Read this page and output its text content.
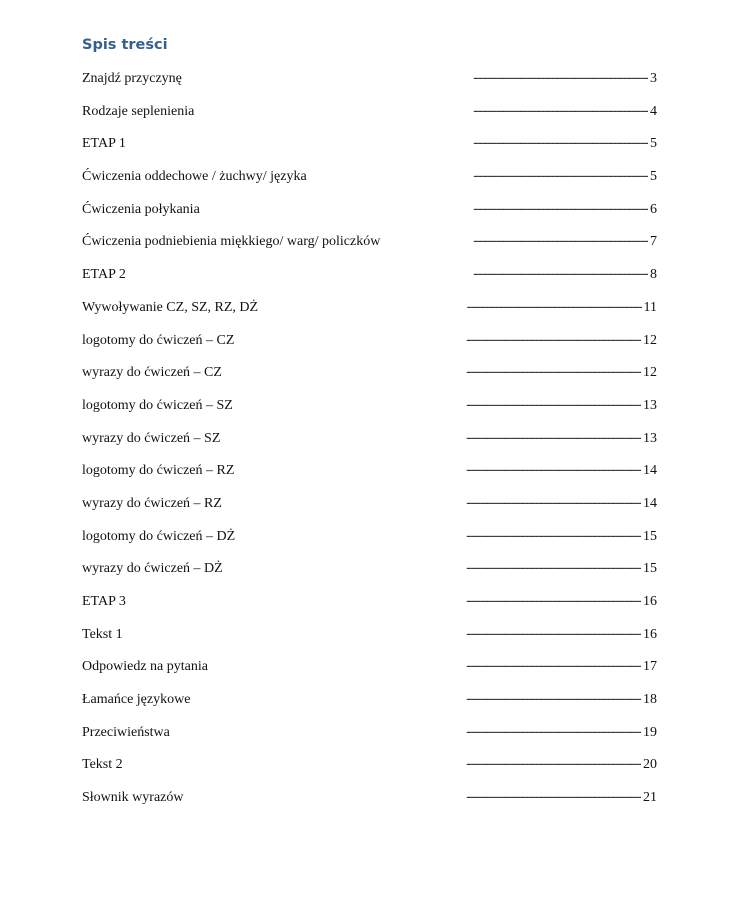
Spis treści
Znajdź przyczynę . . .	3
Rodzaje seplenienia . . .	4
ETAP 1 . . .	5
Ćwiczenia oddechowe / żuchwy/ języka . . .	5
Ćwiczenia połykania . . .	6
Ćwiczenia podniebienia miękkiego/ warg/ policzków . . .	7
ETAP 2 . . .	8
Wywoływanie CZ, SZ, RZ, DŻ . . .	11
logotomy do ćwiczeń – CZ . . .	12
wyrazy do ćwiczeń – CZ . . .	12
logotomy do ćwiczeń – SZ . . .	13
wyrazy do ćwiczeń – SZ . . .	13
logotomy do ćwiczeń – RZ . . .	14
wyrazy do ćwiczeń – RZ . . .	14
logotomy do ćwiczeń – DŻ . . .	15
wyrazy do ćwiczeń – DŻ . . .	15
ETAP 3 . . .	16
Tekst 1 . . .	16
Odpowiedz na pytania . . .	17
Łamańce językowe . . .	18
Przeciwieństwa . . .	19
Tekst 2 . . .	20
Słownik wyrazów . . .	21
